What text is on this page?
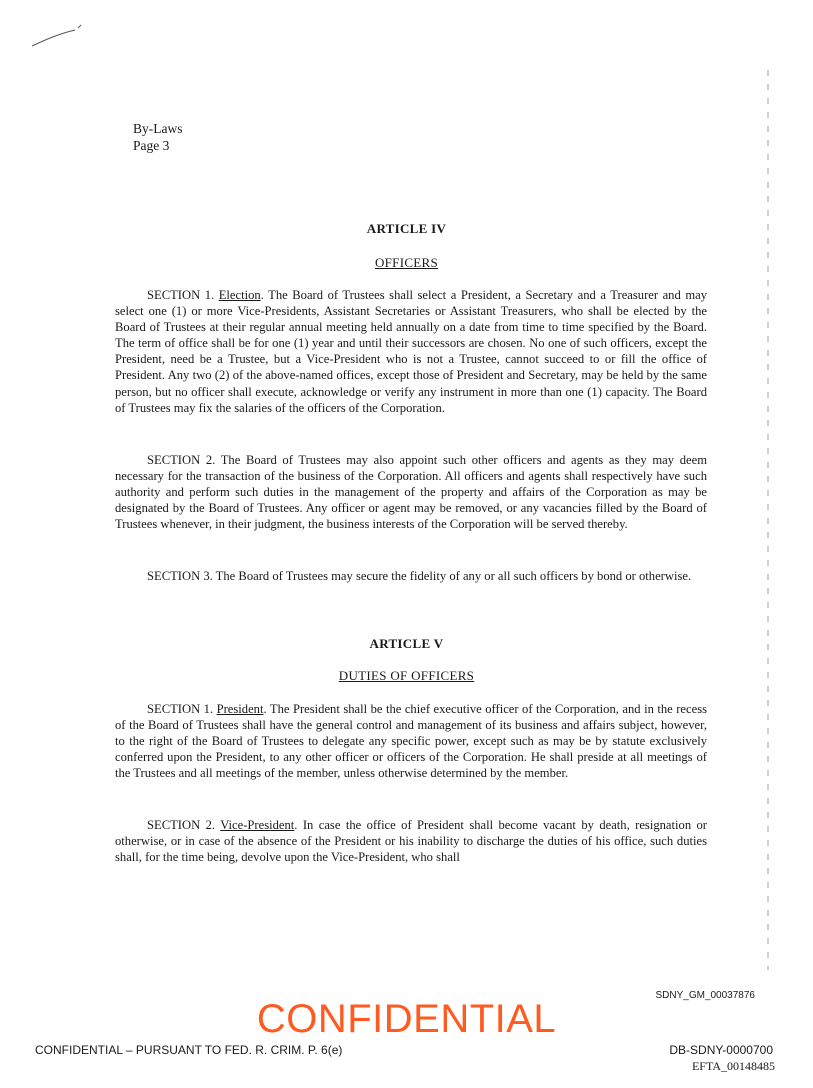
By-Laws
Page 3
ARTICLE IV
OFFICERS
SECTION 1. Election. The Board of Trustees shall select a President, a Secretary and a Treasurer and may select one (1) or more Vice-Presidents, Assistant Secretaries or Assistant Treasurers, who shall be elected by the Board of Trustees at their regular annual meeting held annually on a date from time to time specified by the Board. The term of office shall be for one (1) year and until their successors are chosen. No one of such officers, except the President, need be a Trustee, but a Vice-President who is not a Trustee, cannot succeed to or fill the office of President. Any two (2) of the above-named offices, except those of President and Secretary, may be held by the same person, but no officer shall execute, acknowledge or verify any instrument in more than one (1) capacity. The Board of Trustees may fix the salaries of the officers of the Corporation.
SECTION 2. The Board of Trustees may also appoint such other officers and agents as they may deem necessary for the transaction of the business of the Corporation. All officers and agents shall respectively have such authority and perform such duties in the management of the property and affairs of the Corporation as may be designated by the Board of Trustees. Any officer or agent may be removed, or any vacancies filled by the Board of Trustees whenever, in their judgment, the business interests of the Corporation will be served thereby.
SECTION 3. The Board of Trustees may secure the fidelity of any or all such officers by bond or otherwise.
ARTICLE V
DUTIES OF OFFICERS
SECTION 1. President. The President shall be the chief executive officer of the Corporation, and in the recess of the Board of Trustees shall have the general control and management of its business and affairs subject, however, to the right of the Board of Trustees to delegate any specific power, except such as may be by statute exclusively conferred upon the President, to any other officer or officers of the Corporation. He shall preside at all meetings of the Trustees and all meetings of the member, unless otherwise determined by the member.
SECTION 2. Vice-President. In case the office of President shall become vacant by death, resignation or otherwise, or in case of the absence of the President or his inability to discharge the duties of his office, such duties shall, for the time being, devolve upon the Vice-President, who shall
SDNY_GM_00037876
CONFIDENTIAL
CONFIDENTIAL – PURSUANT TO FED. R. CRIM. P. 6(e)	DB-SDNY-0000700
EFTA_00148485
